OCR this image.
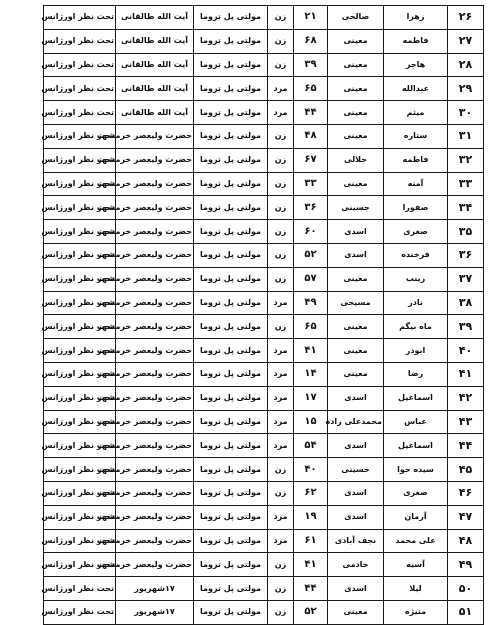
۲۶	زهرا	صالحی	۲۱	زن	مولتی پل تروما	آیت الله طالقانی	تحت نظر اورژانس
۲۷	فاطمه	معینی	۶۸	زن	مولتی پل تروما	آیت الله طالقانی	تحت نظر اورژانس
۲۸	هاجر	معینی	۳۹	زن	مولتی پل تروما	آیت الله طالقانی	تحت نظر اورژانس
۲۹	عبدالله	معینی	۶۵	مرد	مولتی پل تروما	آیت الله طالقانی	تحت نظر اورژانس
۳۰	میثم	معینی	۴۴	مرد	مولتی پل تروما	آیت الله طالقانی	تحت نظر اورژانس
۳۱	ستاره	معینی	۴۸	زن	مولتی پل تروما	حضرت ولیعصر خرمشهر	تحت نظر اورژانس
۳۲	فاطمه	جلالی	۶۷	زن	مولتی پل تروما	حضرت ولیعصر خرمشهر	تحت نظر اورژانس
۳۳	آمنه	معینی	۳۳	زن	مولتی پل تروما	حضرت ولیعصر خرمشهر	تحت نظر اورژانس
۳۴	صفورا	حسینی	۳۶	زن	مولتی پل تروما	حضرت ولیعصر خرمشهر	تحت نظر اورژانس
۳۵	صغری	اسدی	۶۰	زن	مولتی پل تروما	حضرت ولیعصر خرمشهر	تحت نظر اورژانس
۳۶	فرخنده	اسدی	۵۲	زن	مولتی پل تروما	حضرت ولیعصر خرمشهر	تحت نظر اورژانس
۳۷	زینب	معینی	۵۷	زن	مولتی پل تروما	حضرت ولیعصر خرمشهر	تحت نظر اورژانس
۳۸	نادر	مسیحی	۴۹	مرد	مولتی پل تروما	حضرت ولیعصر خرمشهر	تحت نظر اورژانس
۳۹	ماه بیگم	معینی	۶۵	زن	مولتی پل تروما	حضرت ولیعصر خرمشهر	تحت نظر اورژانس
۴۰	ابوذر	معینی	۴۱	مرد	مولتی پل تروما	حضرت ولیعصر خرمشهر	تحت نظر اورژانس
۴۱	رضا	معینی	۱۴	مرد	مولتی پل تروما	حضرت ولیعصر خرمشهر	تحت نظر اورژانس
۴۲	اسماعیل	اسدی	۱۷	مرد	مولتی پل تروما	حضرت ولیعصر خرمشهر	تحت نظر اورژانس
۴۳	عباس	محمدعلی زاده	۱۵	مرد	مولتی پل تروما	حضرت ولیعصر خرمشهر	تحت نظر اورژانس
۴۴	اسماعیل	اسدی	۵۴	مرد	مولتی پل تروما	حضرت ولیعصر خرمشهر	تحت نظر اورژانس
۴۵	سیده حوا	حسینی	۴۰	زن	مولتی پل تروما	حضرت ولیعصر خرمشهر	تحت نظر اورژانس
۴۶	صغری	اسدی	۶۲	زن	مولتی پل تروما	حضرت ولیعصر خرمشهر	تحت نظر اورژانس
۴۷	آرمان	اسدی	۱۹	مرد	مولتی پل تروما	حضرت ولیعصر خرمشهر	تحت نظر اورژانس
۴۸	علی محمد	نجف آبادی	۶۱	مرد	مولتی پل تروما	حضرت ولیعصر خرمشهر	تحت نظر اورژانس
۴۹	آسیه	خادمی	۴۱	زن	مولتی پل تروما	حضرت ولیعصر خرمشهر	تحت نظر اورژانس
۵۰	لیلا	اسدی	۴۴	زن	مولتی پل تروما	۱۷شهریور	تحت نظر اورژانس
۵۱	منیژه	معینی	۵۲	زن	مولتی پل تروما	۱۷شهریور	تحت نظر اورژانس
